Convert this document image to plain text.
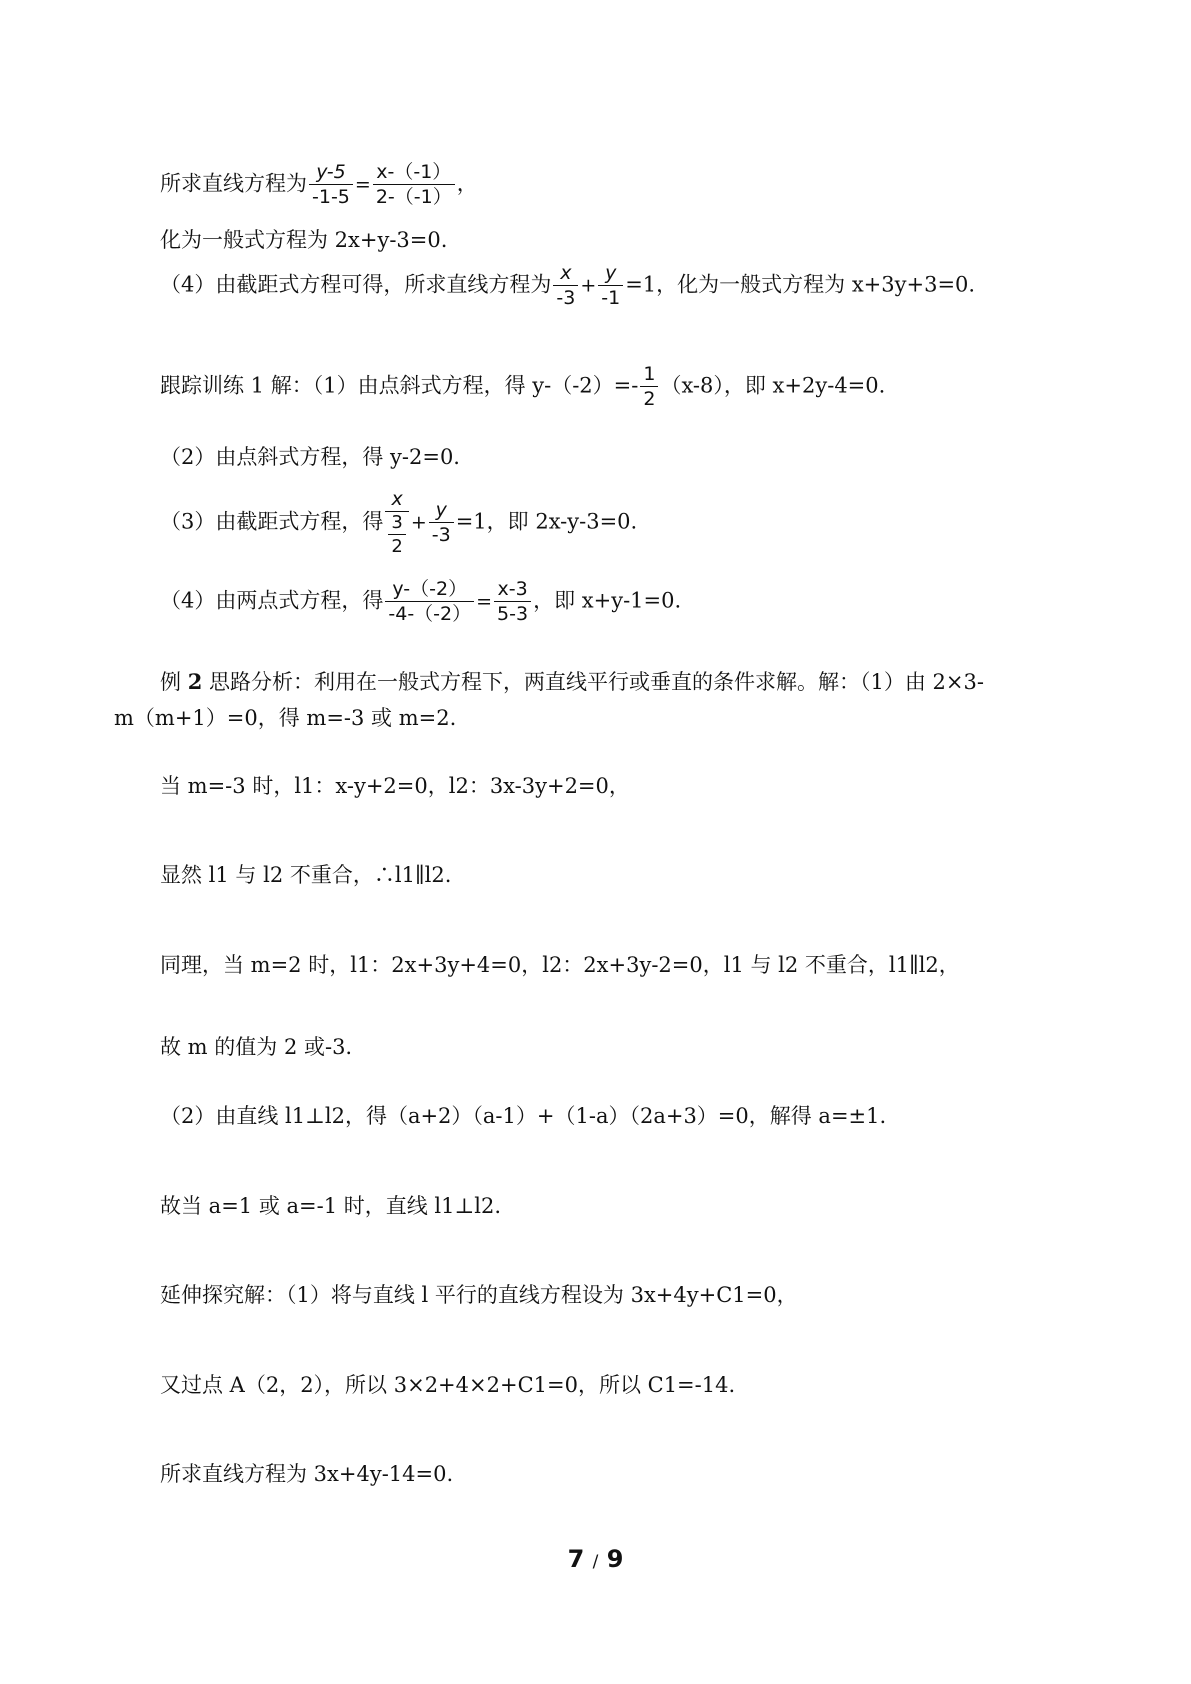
所求直线方程为 $\frac{y-5}{-1-5} = \frac{x-(-1)}{2-(-1)}$ ，
化为一般式方程为 2x+y-3=0.
（4）由截距式方程可得，所求直线方程为 $\frac{x}{-3} + \frac{y}{-1} =1$，化为一般式方程为 x+3y+3=0.
跟踪训练 1 解：（1）由点斜式方程，得 $y-(-2)=- \frac{1}{2} (x-8)$，即 x+2y-4=0.
（2）由点斜式方程，得 y-2=0.
（3）由截距式方程，得 $\frac{x}{\frac{3}{2}} + \frac{y}{-3} =1$，即 2x-y-3=0.
（4）由两点式方程，得 $\frac{y-(-2)}{-4-(-2)} = \frac{x-3}{5-3}$ ，即 x+y-1=0.
例 2 思路分析：利用在一般式方程下，两直线平行或垂直的条件求解。解：（1）由 2×3-
m（m+1）=0，得 m=-3 或 m=2.
当 m=-3 时，l1：x-y+2=0，l2：3x-3y+2=0，
显然 l1 与 l2 不重合，∴l1∥l2.
同理，当 m=2 时，l1：2x+3y+4=0，l2：2x+3y-2=0，l1 与 l2 不重合，l1∥l2，
故 m 的值为 2 或-3.
（2）由直线 l1⊥l2，得（a+2）（a-1）+（1-a）（2a+3）=0，解得 a=±1.
故当 a=1 或 a=-1 时，直线 l1⊥l2.
延伸探究解：（1）将与直线 l 平行的直线方程设为 3x+4y+C1=0，
又过点 A（2，2），所以 3×2+4×2+C1=0，所以 C1=-14.
所求直线方程为 3x+4y-14=0.
7 / 9
